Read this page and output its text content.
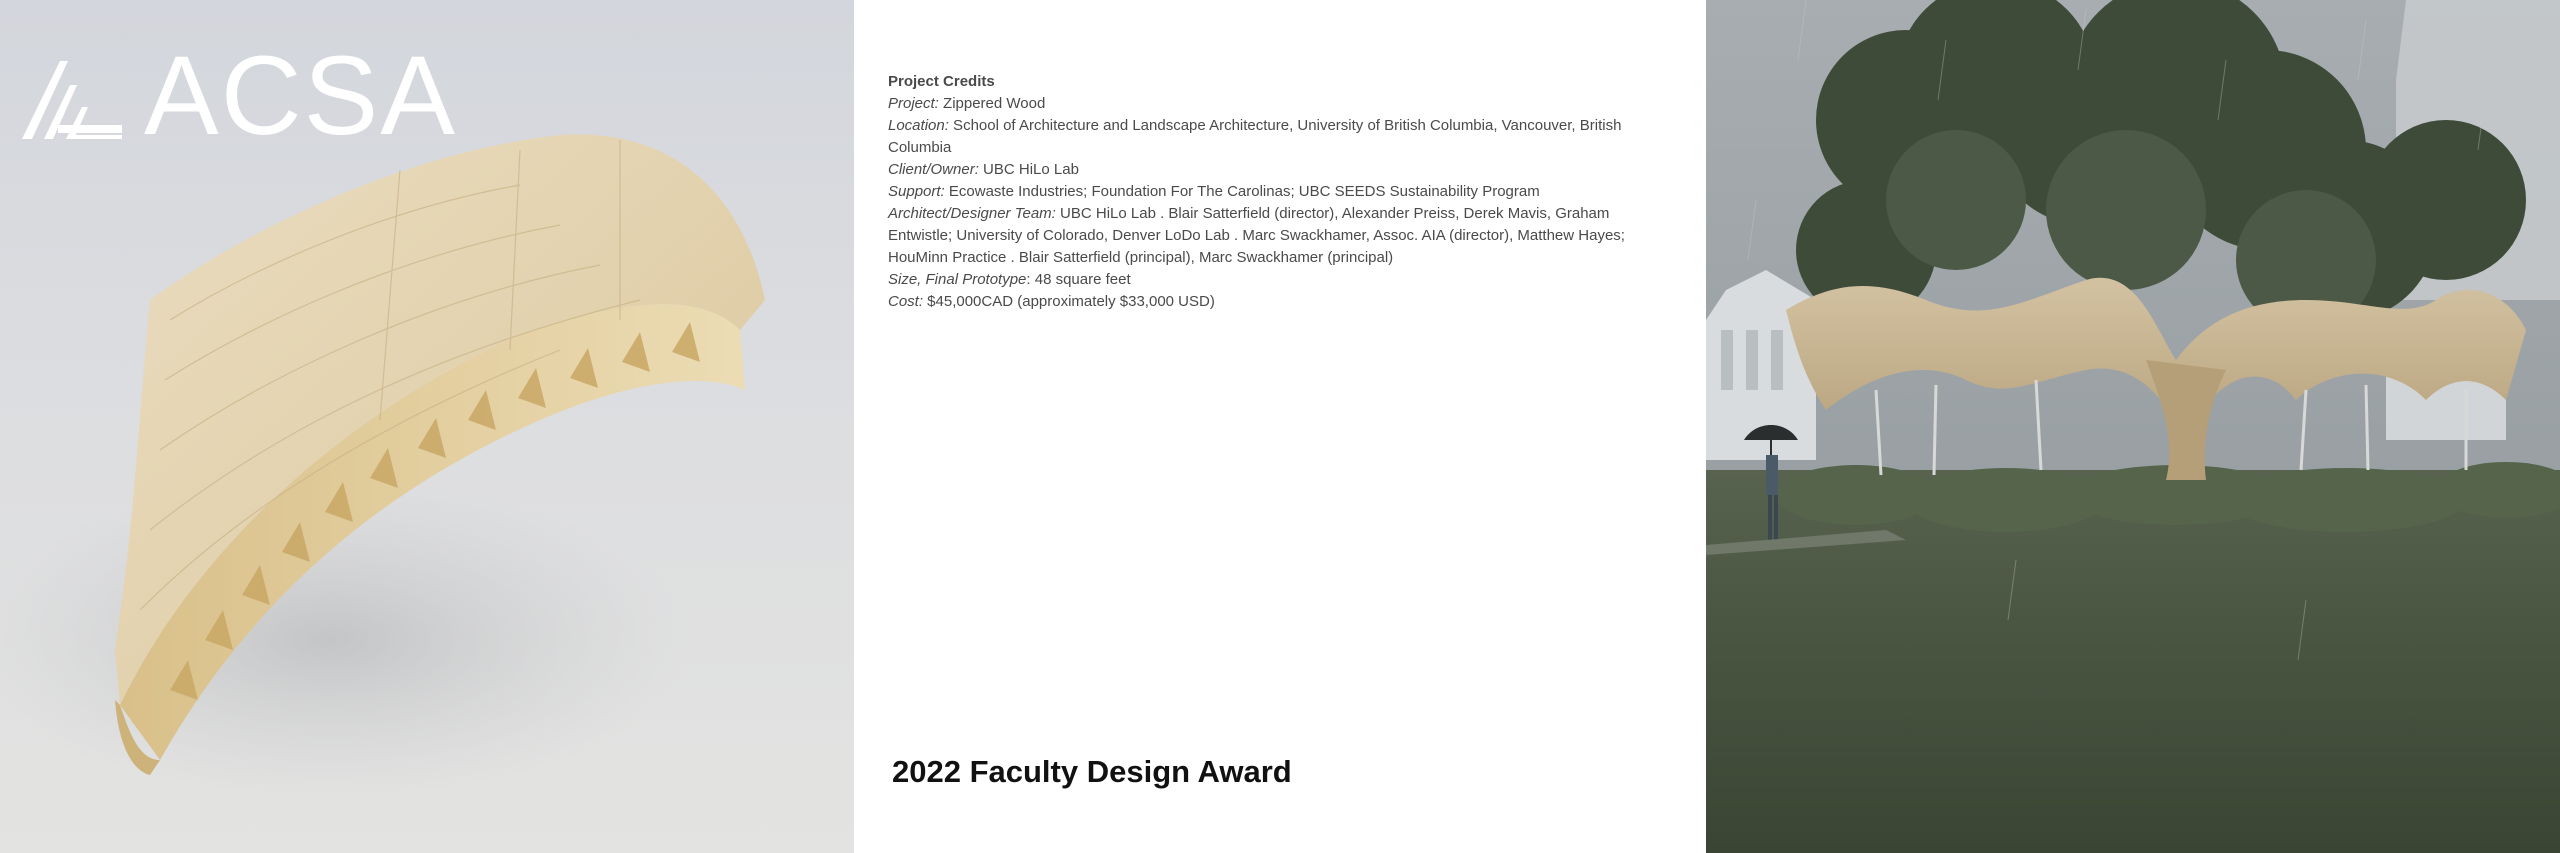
ACSA	Project Credits

Project: Zippered Wood

Location: School of Architecture and Landscape Architecture, University of British Columbia, Vancouver, British Columbia

Client/Owner: UBC HiLo Lab

Support: Ecowaste Industries; Foundation For The Carolinas; UBC SEEDS Sustainability Program

Architect/Designer Team: UBC HiLo Lab . Blair Satterfield (director), Alexander Preiss, Derek Mavis, Graham Entwistle; University of Colorado, Denver LoDo Lab . Marc Swackhamer, Assoc. AIA (director), Matthew Hayes; HouMinn Practice . Blair Satterfield (principal), Marc Swackhamer (principal)

Size, Final Prototype: 48 square feet

Cost: $45,000CAD (approximately $33,000 USD)

2022 Faculty Design Award
